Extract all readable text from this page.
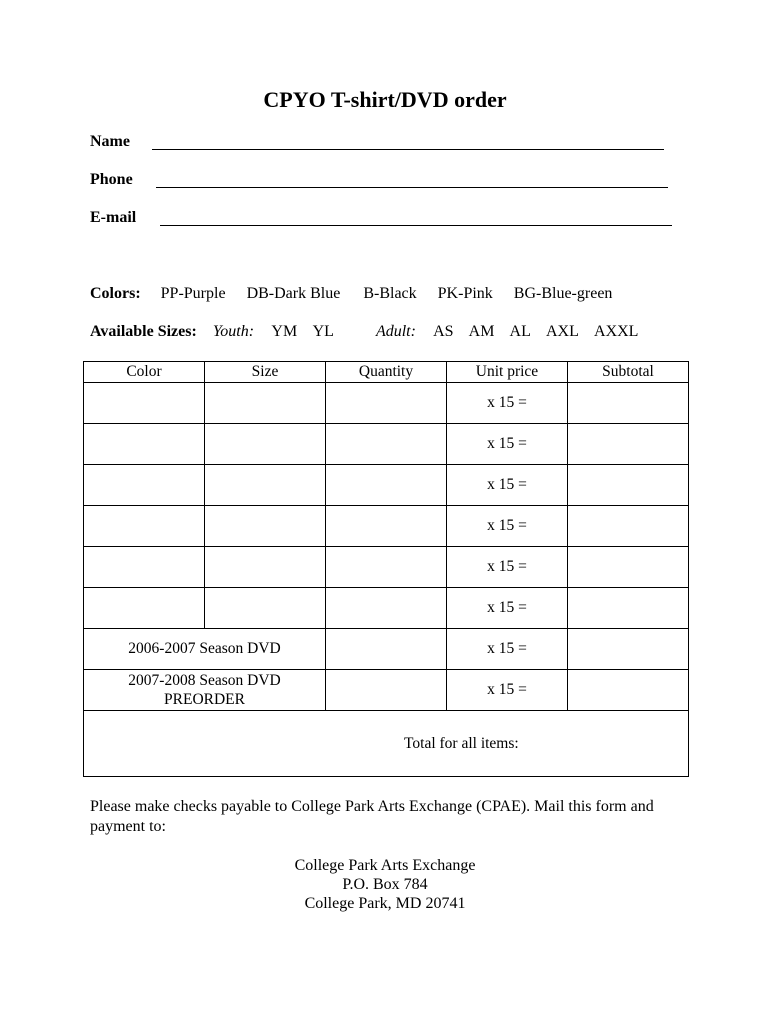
CPYO T-shirt/DVD order
Name
Phone
E-mail
Colors: PP-Purple DB-Dark Blue B-Black PK-Pink BG-Blue-green
Available Sizes: Youth: YM YL	Adult: AS AM AL AXL AXXL
Color	Size	Quantity	Unit price	Subtotal
			x 15 =	
			x 15 =	
			x 15 =	
			x 15 =	
			x 15 =	
			x 15 =	
2006-2007 Season DVD			x 15 =	
2007-2008 Season DVD
PREORDER			x 15 =	

Total for all items:				
Please make checks payable to College Park Arts Exchange (CPAE). Mail this form and payment to:
College Park Arts Exchange
P.O. Box 784
College Park, MD 20741
